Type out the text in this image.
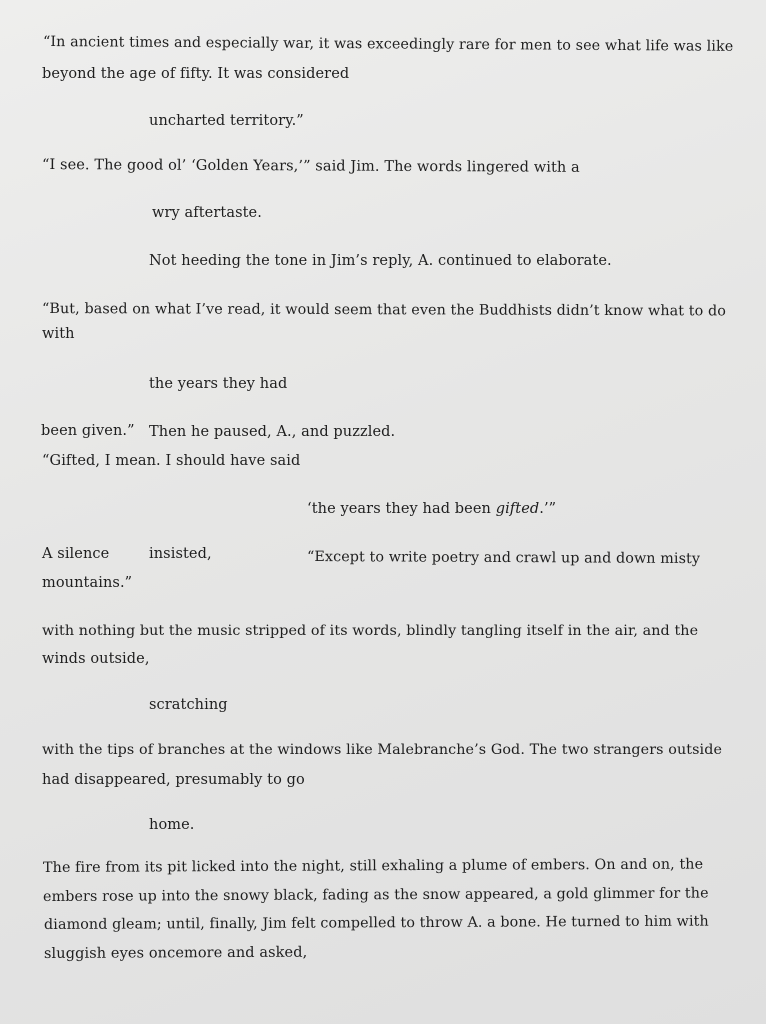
“In ancient times and especially war, it was exceedingly rare for men to see what life was like
beyond the age of fifty. It was considered
uncharted territory.”
“I see. The good ol’ ‘Golden Years,’” said Jim. The words lingered with a
wry aftertaste.
Not heeding the tone in Jim’s reply, A. continued to elaborate.
“But, based on what I’ve read, it would seem that even the Buddhists didn’t know what to do
with
the years they had
been given.” Then he paused, A., and puzzled.
“Gifted, I mean. I should have said
‘the years they had been gifted.’”
A silence	insisted,	“Except to write poetry and crawl up and down misty
mountains.”
with nothing but the music stripped of its words, blindly tangling itself in the air, and the
winds outside,
scratching
with the tips of branches at the windows like Malebranche’s God. The two strangers outside
had disappeared, presumably to go
home.
The fire from its pit licked into the night, still exhaling a plume of embers. On and on, the
embers rose up into the snowy black, fading as the snow appeared, a gold glimmer for the
diamond gleam; until, finally, Jim felt compelled to throw A. a bone. He turned to him with
sluggish eyes oncemore and asked,
